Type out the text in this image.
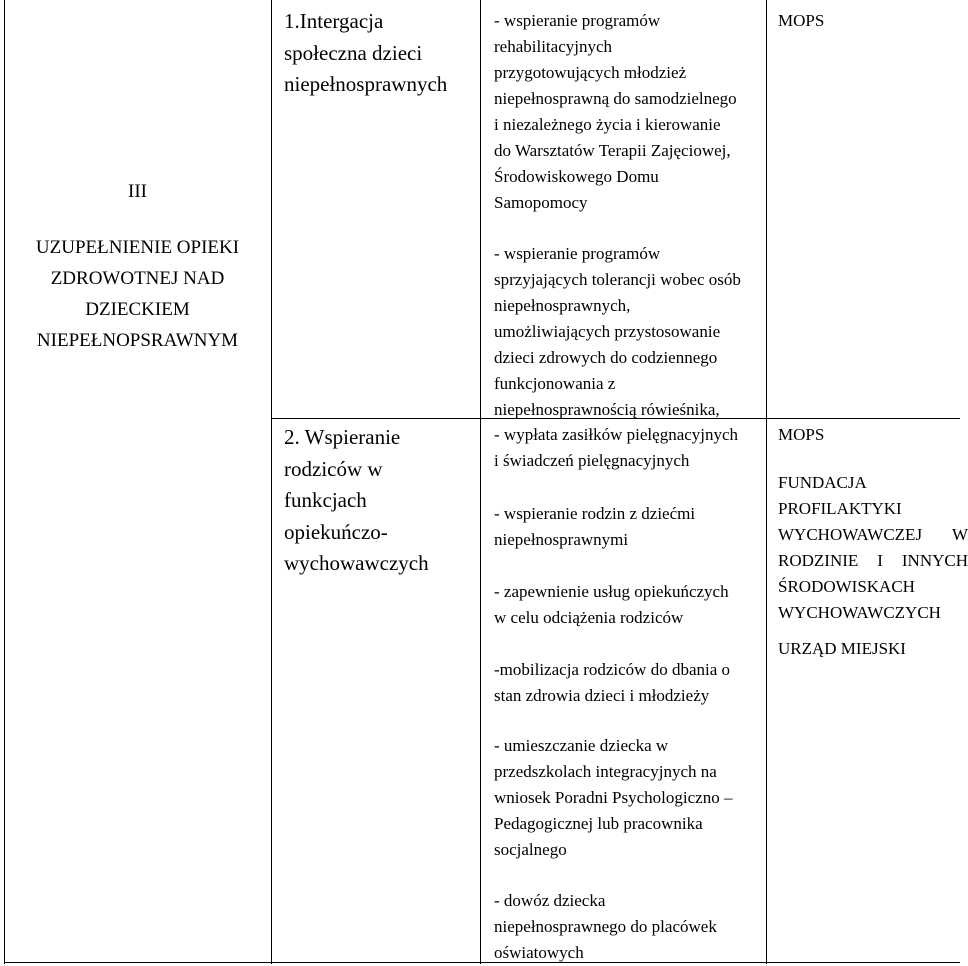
III
UZUPEŁNIENIE OPIEKI
ZDROWOTNEJ NAD
DZIECKIEM
NIEPEŁNOPSRAWNYM
1.Intergacja
społeczna dzieci
niepełnosprawnych
2. Wspieranie
rodziców w
funkcjach
opiekuńczo-
wychowawczych
- wspieranie programów
rehabilitacyjnych
przygotowujących młodzież
niepełnosprawną do samodzielnego
i niezależnego życia i kierowanie
do Warsztatów Terapii Zajęciowej,
Środowiskowego Domu
Samopomocy
- wspieranie programów
sprzyjających tolerancji wobec osób
niepełnosprawnych,
umożliwiających przystosowanie
dzieci zdrowych do codziennego
funkcjonowania z
niepełnosprawnością rówieśnika,
- wypłata zasiłków pielęgnacyjnych
i świadczeń pielęgnacyjnych
- wspieranie rodzin z dziećmi
niepełnosprawnymi
- zapewnienie usług opiekuńczych
w celu odciążenia rodziców
-mobilizacja rodziców do dbania o
stan zdrowia dzieci i młodzieży
- umieszczanie dziecka w
przedszkolach integracyjnych na
wniosek Poradni Psychologiczno –
Pedagogicznej lub pracownika
socjalnego
- dowóz dziecka
niepełnosprawnego do placówek
oświatowych
MOPS
MOPS
FUNDACJA
PROFILAKTYKI
WYCHOWAWCZEJ W
RODZINIE I INNYCH
ŚRODOWISKACH
WYCHOWAWCZYCH
URZĄD MIEJSKI
